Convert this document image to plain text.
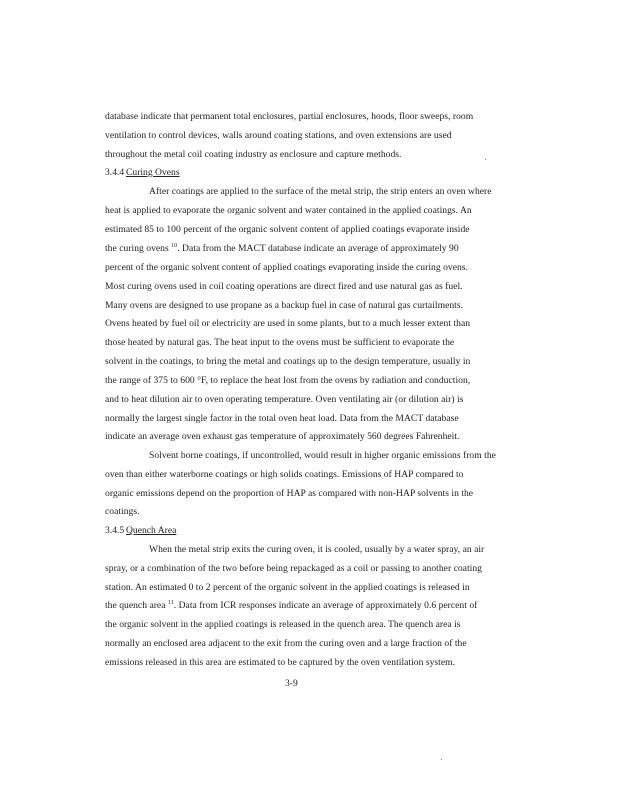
database indicate that permanent total enclosures, partial enclosures, hoods, floor sweeps, room
ventilation to control devices, walls around coating stations, and oven extensions are used
throughout the metal coil coating industry as enclosure and capture methods.
3.4.4 Curing Ovens
After coatings are applied to the surface of the metal strip, the strip enters an oven where
heat is applied to evaporate the organic solvent and water contained in the applied coatings. An
estimated 85 to 100 percent of the organic solvent content of applied coatings evaporate inside
the curing ovens $^{10}$. Data from the MACT database indicate an average of approximately 90
percent of the organic solvent content of applied coatings evaporating inside the curing ovens.
Most curing ovens used in coil coating operations are direct fired and use natural gas as fuel.
Many ovens are designed to use propane as a backup fuel in case of natural gas curtailments.
Ovens heated by fuel oil or electricity are used in some plants, but to a much lesser extent than
those heated by natural gas. The heat input to the ovens must be sufficient to evaporate the
solvent in the coatings, to bring the metal and coatings up to the design temperature, usually in
the range of 375 to 600 °F, to replace the heat lost from the ovens by radiation and conduction,
and to heat dilution air to oven operating temperature. Oven ventilating air (or dilution air) is
normally the largest single factor in the total oven heat load. Data from the MACT database
indicate an average oven exhaust gas temperature of approximately 560 degrees Fahrenheit.
Solvent borne coatings, if uncontrolled, would result in higher organic emissions from the
oven than either waterborne coatings or high solids coatings. Emissions of HAP compared to
organic emissions depend on the proportion of HAP as compared with non-HAP solvents in the
coatings.
3.4.5 Quench Area
When the metal strip exits the curing oven, it is cooled, usually by a water spray, an air
spray, or a combination of the two before being repackaged as a coil or passing to another coating
station. An estimated 0 to 2 percent of the organic solvent in the applied coatings is released in
the quench area $^{11}$. Data from ICR responses indicate an average of approximately 0.6 percent of
the organic solvent in the applied coatings is released in the quench area. The quench area is
normally an enclosed area adjacent to the exit from the curing oven and a large fraction of the
emissions released in this area are estimated to be captured by the oven ventilation system.
3-9
